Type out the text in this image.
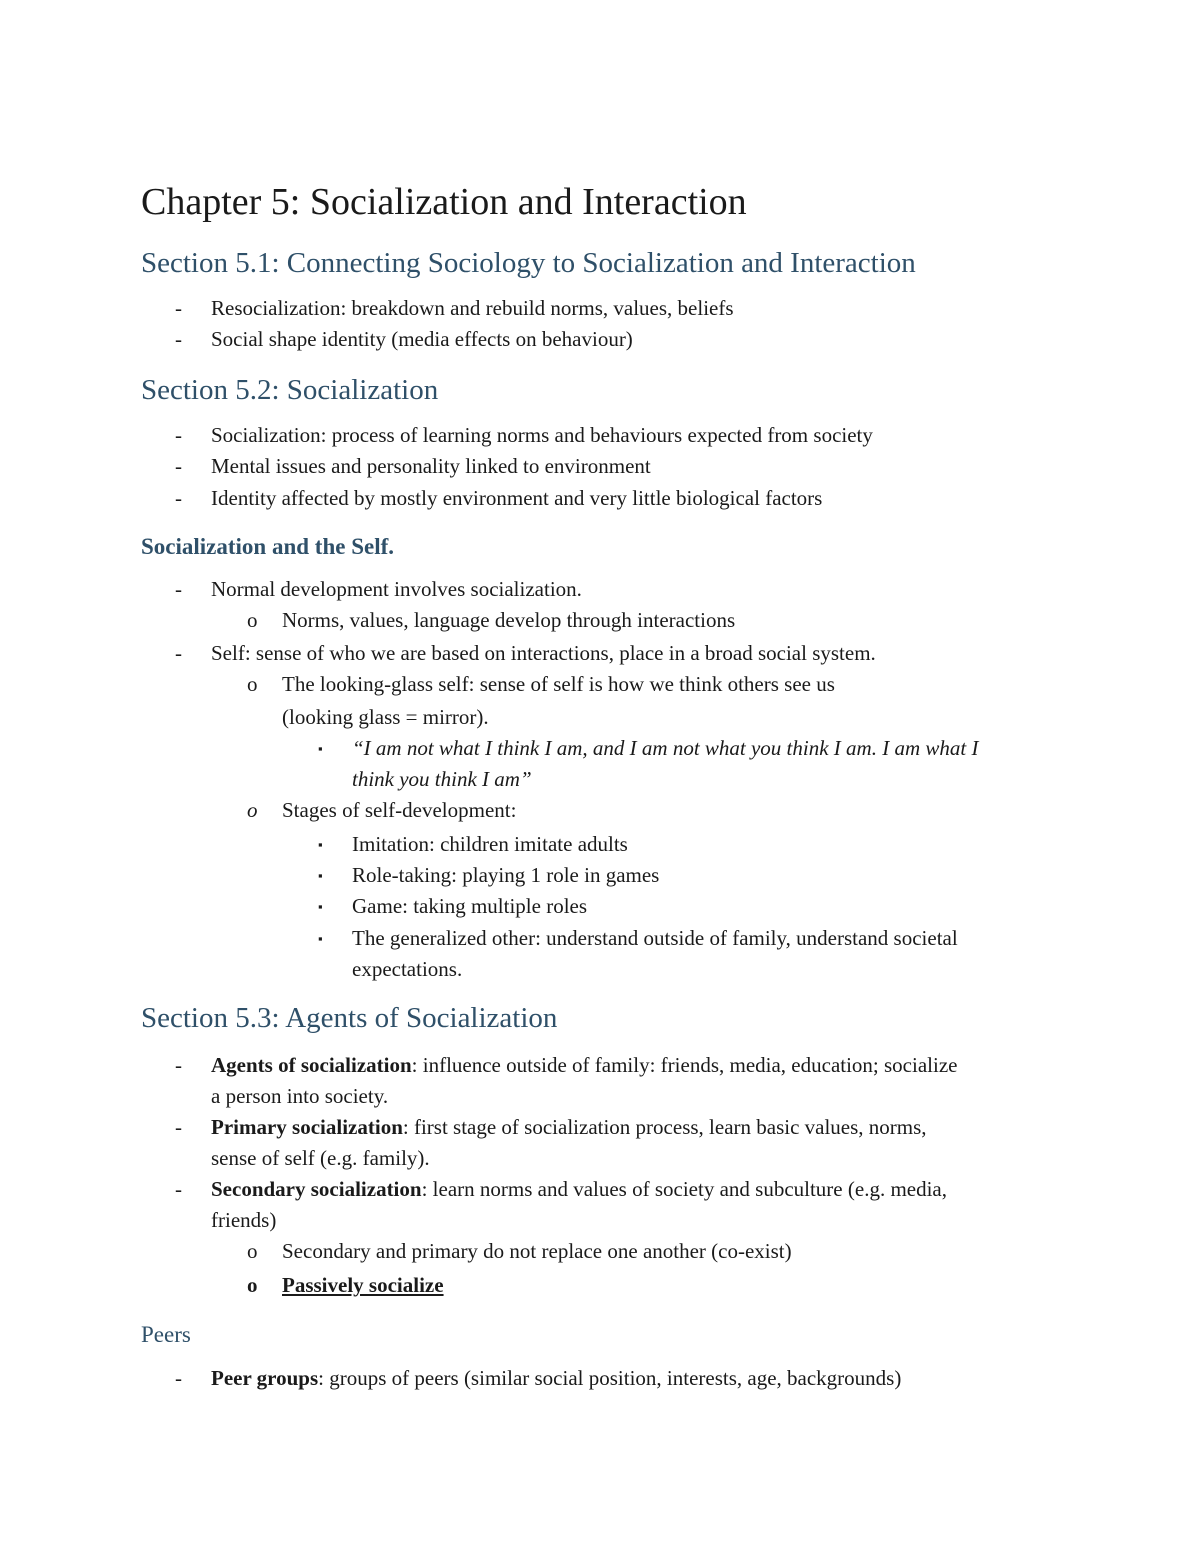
Chapter 5: Socialization and Interaction
Section 5.1: Connecting Sociology to Socialization and Interaction
- Resocialization: breakdown and rebuild norms, values, beliefs
- Social shape identity (media effects on behaviour)
Section 5.2: Socialization
- Socialization: process of learning norms and behaviours expected from society
- Mental issues and personality linked to environment
- Identity affected by mostly environment and very little biological factors
Socialization and the Self.
- Normal development involves socialization.
o Norms, values, language develop through interactions
- Self: sense of who we are based on interactions, place in a broad social system.
o The looking-glass self: sense of self is how we think others see us
(looking glass = mirror).
▪ “I am not what I think I am, and I am not what you think I am. I am what I
think you think I am”
o Stages of self-development:
▪ Imitation: children imitate adults
▪ Role-taking: playing 1 role in games
▪ Game: taking multiple roles
▪ The generalized other: understand outside of family, understand societal
expectations.
Section 5.3: Agents of Socialization
- Agents of socialization: influence outside of family: friends, media, education; socialize
a person into society.
- Primary socialization: first stage of socialization process, learn basic values, norms,
sense of self (e.g. family).
- Secondary socialization: learn norms and values of society and subculture (e.g. media,
friends)
o Secondary and primary do not replace one another (co-exist)
o Passively socialize
Peers
- Peer groups: groups of peers (similar social position, interests, age, backgrounds)
